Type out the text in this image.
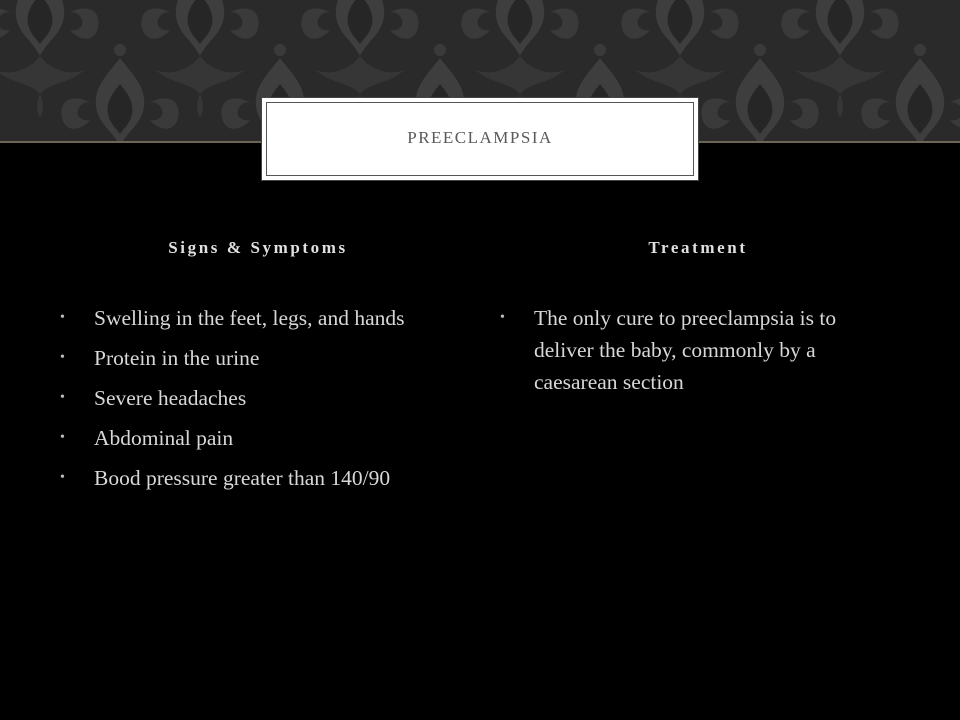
PREECLAMPSIA
Signs & Symptoms	Treatment
• Swelling in the feet, legs, and hands
• Protein in the urine
• Severe headaches
• Abdominal pain
• Bood pressure greater than 140/90
• The only cure to preeclampsia is to deliver the baby, commonly by a caesarean section
